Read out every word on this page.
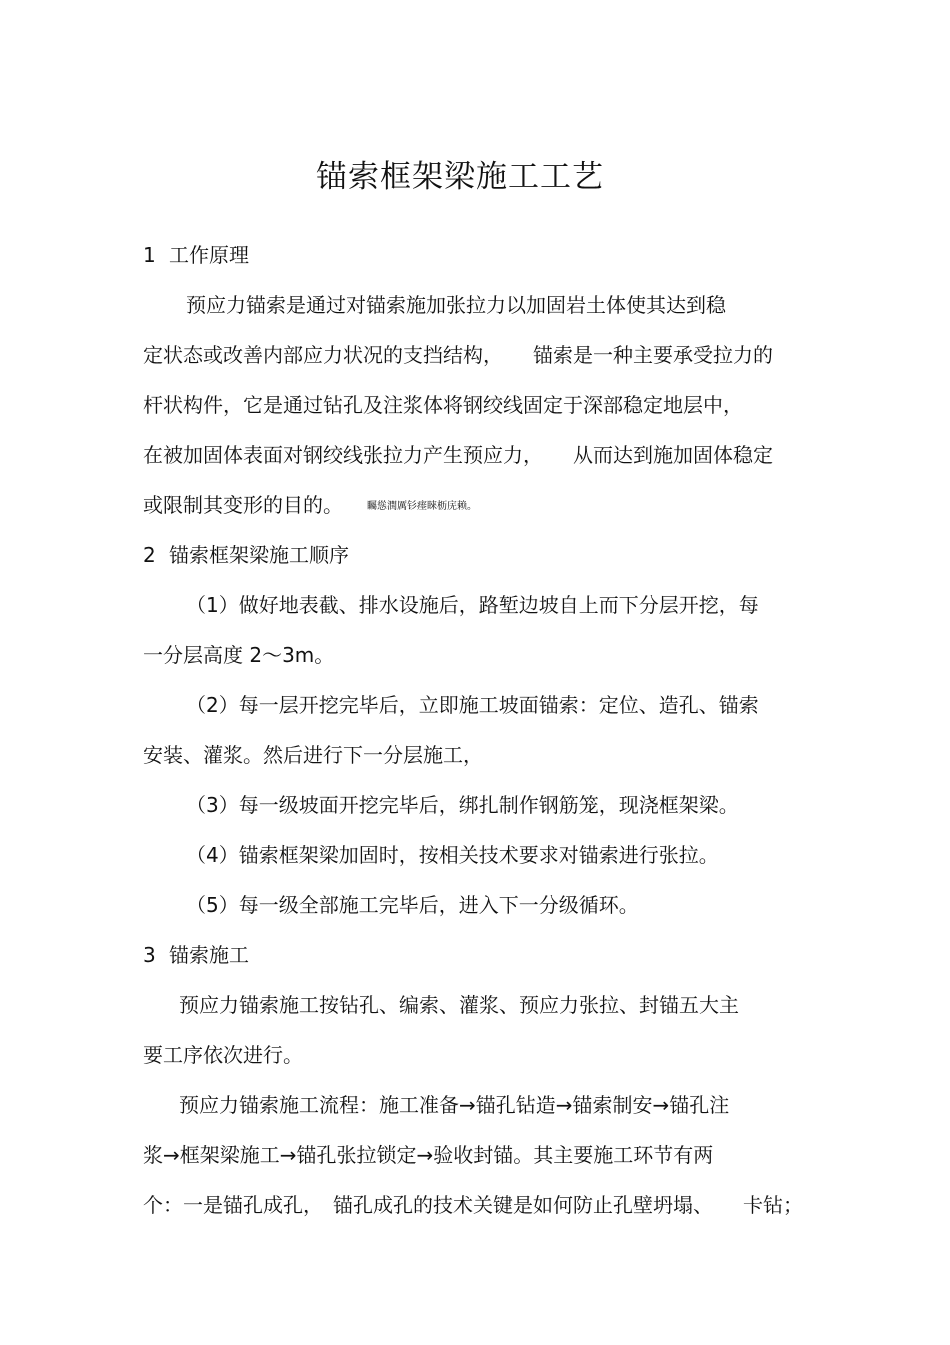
锚索框架梁施工工艺
1 工作原理

预应力锚索是通过对锚索施加张拉力以加固岩土体使其达到稳

定状态或改善内部应力状况的支挡结构， 锚索是一种主要承受拉力的

杆状构件，它是通过钻孔及注浆体将钢绞线固定于深部稳定地层中，

在被加固体表面对钢绞线张拉力产生预应力， 从而达到施加固体稳定

或限制其变形的目的。 矚慫潤厲钐瘗睞枥庑赖。

2 锚索框架梁施工顺序

（1）做好地表截、排水设施后，路堑边坡自上而下分层开挖，每

一分层高度 2～3m。

（2）每一层开挖完毕后，立即施工坡面锚索：定位、造孔、锚索

安装、灌浆。然后进行下一分层施工，

（3）每一级坡面开挖完毕后，绑扎制作钢筋笼，现浇框架梁。

（4）锚索框架梁加固时，按相关技术要求对锚索进行张拉。

（5）每一级全部施工完毕后，进入下一分级循环。

3 锚索施工

预应力锚索施工按钻孔、编索、灌浆、预应力张拉、封锚五大主

要工序依次进行。

预应力锚索施工流程：施工准备→锚孔钻造→锚索制安→锚孔注

浆→框架梁施工→锚孔张拉锁定→验收封锚。其主要施工环节有两

个：一是锚孔成孔， 锚孔成孔的技术关键是如何防止孔壁坍塌、 卡钻；
